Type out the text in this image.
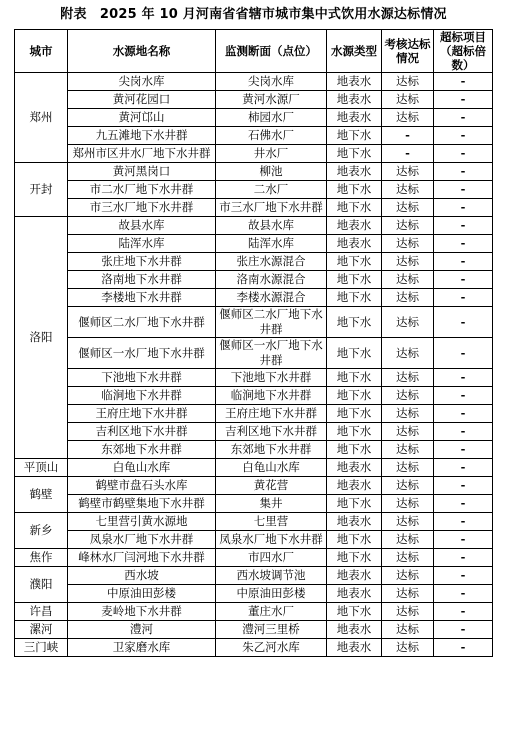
附表　2025 年 10 月河南省省辖市城市集中式饮用水源达标情况
城市	水源地名称	监测断面（点位）	水源类型	考核达标情况	超标项目（超标倍数）
郑州	尖岗水库	尖岗水库	地表水	达标	-
	黄河花园口	黄河水源厂	地表水	达标	-
	黄河邙山	柿园水厂	地表水	达标	-
	九五滩地下水井群	石佛水厂	地下水	-	-
	郑州市区井水厂地下水井群	井水厂	地下水	-	-
开封	黄河黑岗口	柳池	地表水	达标	-
	市二水厂地下水井群	二水厂	地下水	达标	-
	市三水厂地下水井群	市三水厂地下水井群	地下水	达标	-
洛阳	故县水库	故县水库	地表水	达标	-
	陆浑水库	陆浑水库	地表水	达标	-
	张庄地下水井群	张庄水源混合	地下水	达标	-
	洛南地下水井群	洛南水源混合	地下水	达标	-
	李楼地下水井群	李楼水源混合	地下水	达标	-
	偃师区二水厂地下水井群	偃师区二水厂地下水井群	地下水	达标	-
	偃师区一水厂地下水井群	偃师区一水厂地下水井群	地下水	达标	-
	下池地下水井群	下池地下水井群	地下水	达标	-
	临涧地下水井群	临涧地下水井群	地下水	达标	-
	王府庄地下水井群	王府庄地下水井群	地下水	达标	-
	吉利区地下水井群	吉利区地下水井群	地下水	达标	-
	东郊地下水井群	东郊地下水井群	地下水	达标	-
平顶山	白龟山水库	白龟山水库	地表水	达标	-
鹤壁	鹤壁市盘石头水库	黄花营	地表水	达标	-
	鹤壁市鹤壁集地下水井群	集井	地下水	达标	-
新乡	七里营引黄水源地	七里营	地表水	达标	-
	凤泉水厂地下水井群	凤泉水厂地下水井群	地下水	达标	-
焦作	峰林水厂闫河地下水井群	市四水厂	地下水	达标	-
濮阳	西水坡	西水坡调节池	地表水	达标	-
	中原油田彭楼	中原油田彭楼	地表水	达标	-
许昌	麦岭地下水井群	董庄水厂	地下水	达标	-
漯河	澧河	澧河三里桥	地表水	达标	-
三门峡	卫家磨水库	朱乙河水库	地表水	达标	-
